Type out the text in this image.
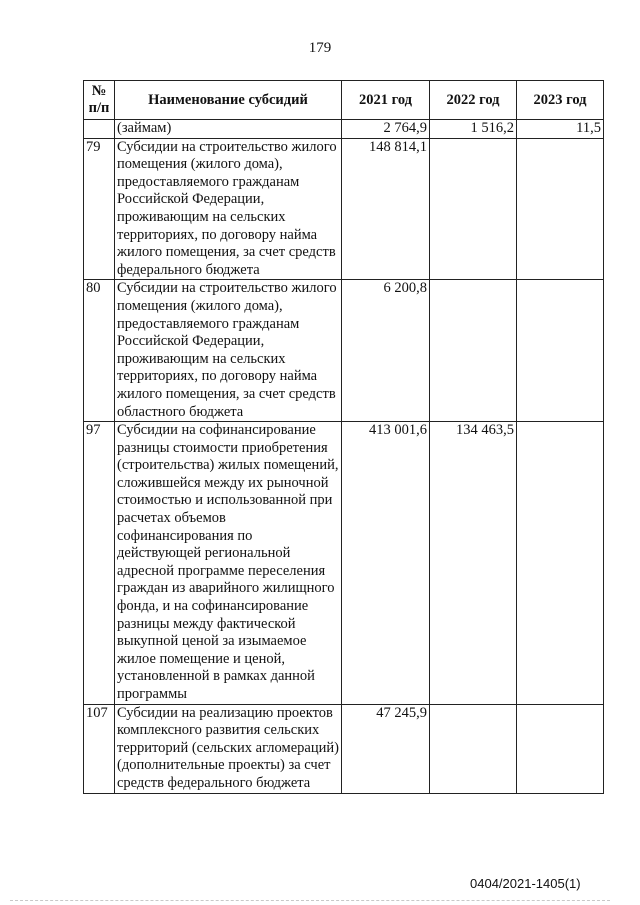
179
№
п/п	Наименование субсидий	2021 год	2022 год	2023 год
	(займам)	2 764,9	1 516,2	11,5
79	Субсидии на строительство жилого помещения (жилого дома), предоставляемого гражданам Российской Федерации, проживающим на сельских территориях, по договору найма жилого помещения, за счет средств федерального бюджета	148 814,1		
80	Субсидии на строительство жилого помещения (жилого дома), предоставляемого гражданам Российской Федерации, проживающим на сельских территориях, по договору найма жилого помещения, за счет средств областного бюджета	6 200,8		
97	Субсидии на софинансирование разницы стоимости приобретения (строительства) жилых помещений, сложившейся между их рыночной стоимостью и использованной при расчетах объемов софинансирования по действующей региональной адресной программе переселения граждан из аварийного жилищного фонда, и на софинансирование разницы между фактической выкупной ценой за изымаемое жилое помещение и ценой, установленной в рамках данной программы	413 001,6	134 463,5	
107	Субсидии на реализацию проектов комплексного развития сельских территорий (сельских агломераций) (дополнительные проекты) за счет средств федерального бюджета	47 245,9		
0404/2021-1405(1)
